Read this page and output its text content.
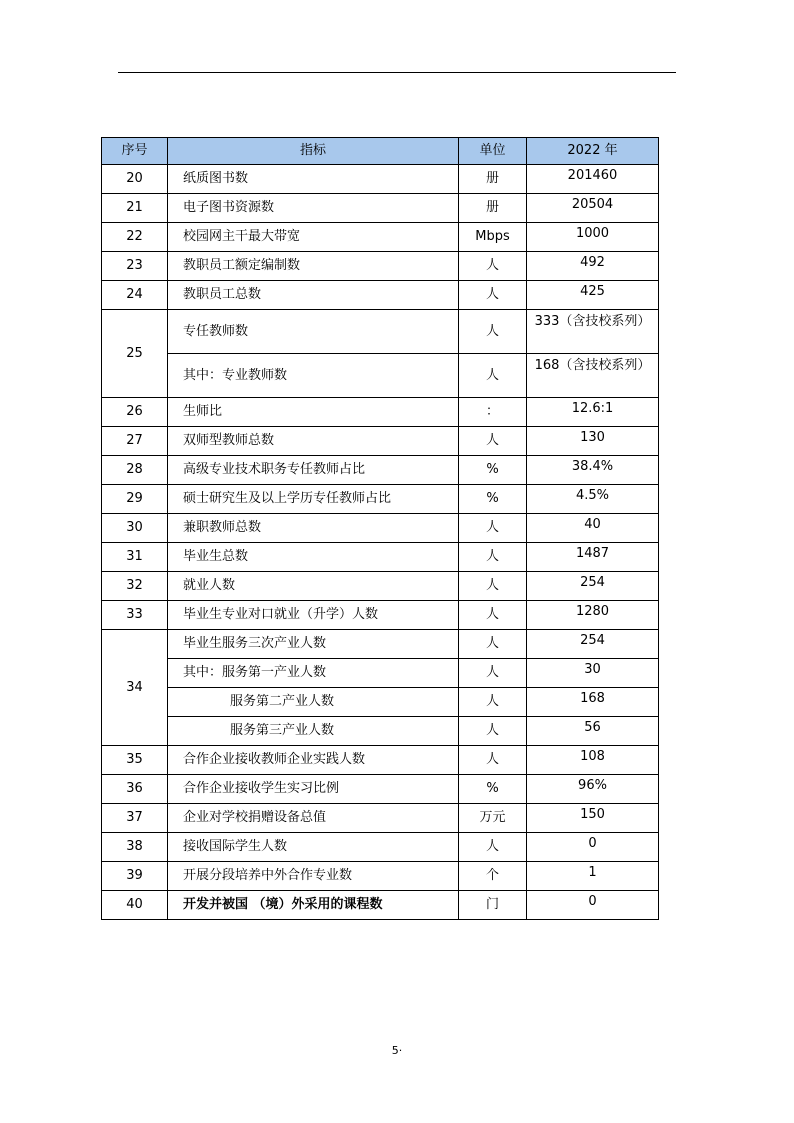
序号	指标	单位	2022 年
20	纸质图书数	册	201460
21	电子图书资源数	册	20504
22	校园网主干最大带宽	Mbps	1000
23	教职员工额定编制数	人	492
24	教职员工总数	人	425
25	专任教师数	人	333（含技校系列）
	其中：专业教师数	人	168（含技校系列）
26	生师比	：	12.6:1
27	双师型教师总数	人	130
28	高级专业技术职务专任教师占比	%	38.4%
29	硕士研究生及以上学历专任教师占比	%	4.5%
30	兼职教师总数	人	40
31	毕业生总数	人	1487
32	就业人数	人	254
33	毕业生专业对口就业（升学）人数	人	1280
34	毕业生服务三次产业人数	人	254
	其中：服务第一产业人数	人	30
	服务第二产业人数	人	168
	服务第三产业人数	人	56
35	合作企业接收教师企业实践人数	人	108
36	合作企业接收学生实习比例	%	96%
37	企业对学校捐赠设备总值	万元	150
38	接收国际学生人数	人	0
39	开展分段培养中外合作专业数	个	1
40	开发并被国 （境）外采用的课程数	门	0
5·
